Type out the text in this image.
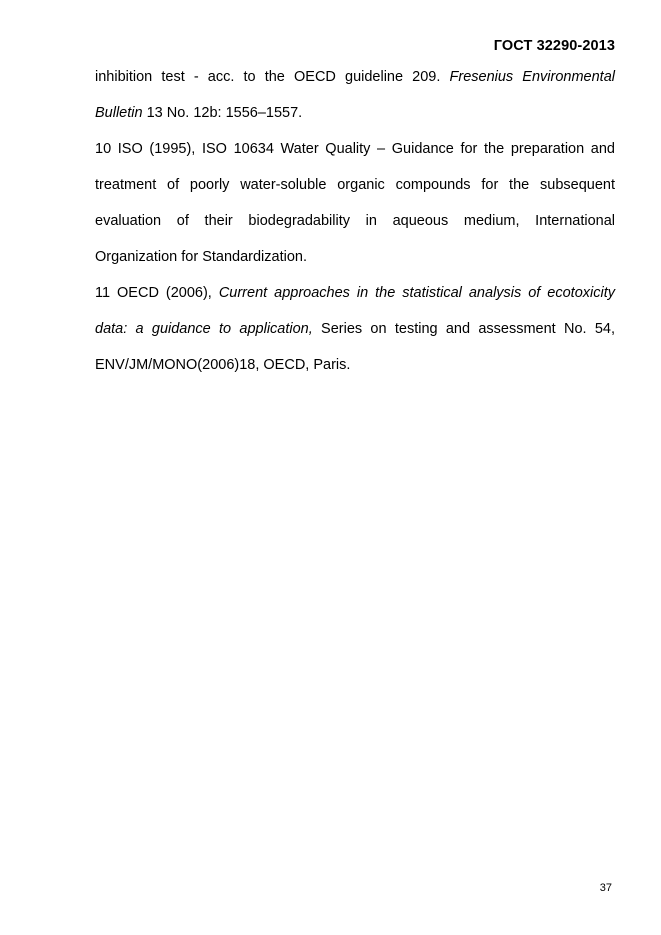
ГОСТ 32290-2013

inhibition test - acc. to the OECD guideline 209. Fresenius Environmental Bulletin 13 No. 12b: 1556–1557.

10 ISO (1995), ISO 10634 Water Quality – Guidance for the preparation and treatment of poorly water-soluble organic compounds for the subsequent evaluation of their biodegradability in aqueous medium, International Organization for Standardization.

11 OECD (2006), Current approaches in the statistical analysis of ecotoxicity data: a guidance to application, Series on testing and assessment No. 54, ENV/JM/MONO(2006)18, OECD, Paris.

37
